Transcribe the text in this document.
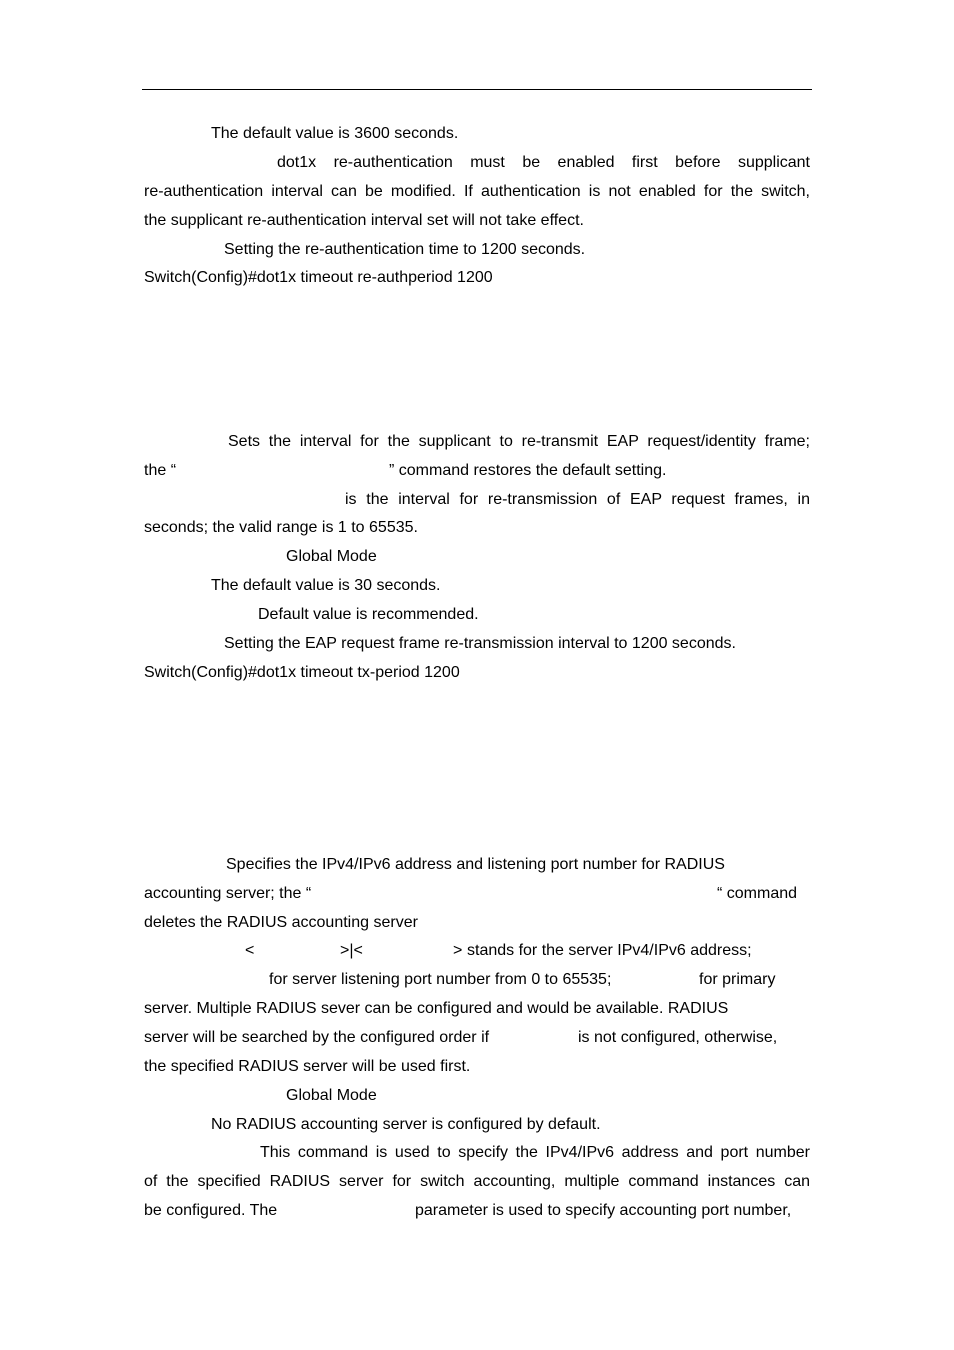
The default value is 3600 seconds.
dot1x re-authentication must be enabled first before supplicant
re-authentication interval can be modified. If authentication is not enabled for the switch,
the supplicant re-authentication interval set will not take effect.
Setting the re-authentication time to 1200 seconds.
Switch(Config)#dot1x timeout re-authperiod 1200
Sets the interval for the supplicant to re-transmit EAP request/identity frame;
the “	” command restores the default setting.
is the interval for re-transmission of EAP request frames, in
seconds; the valid range is 1 to 65535.
Global Mode
The default value is 30 seconds.
Default value is recommended.
Setting the EAP request frame re-transmission interval to 1200 seconds.
Switch(Config)#dot1x timeout tx-period 1200
Specifies the IPv4/IPv6 address and listening port number for RADIUS
accounting server; the “	“ command
deletes the RADIUS accounting server
<	>|<	> stands for the server IPv4/IPv6 address;
for server listening port number from 0 to 65535;	for primary
server. Multiple RADIUS sever can be configured and would be available. RADIUS
server will be searched by the configured order if	is not configured, otherwise,
the specified RADIUS server will be used first.
Global Mode
No RADIUS accounting server is configured by default.
This command is used to specify the IPv4/IPv6 address and port number
of the specified RADIUS server for switch accounting, multiple command instances can
be configured. The	parameter is used to specify accounting port number,
